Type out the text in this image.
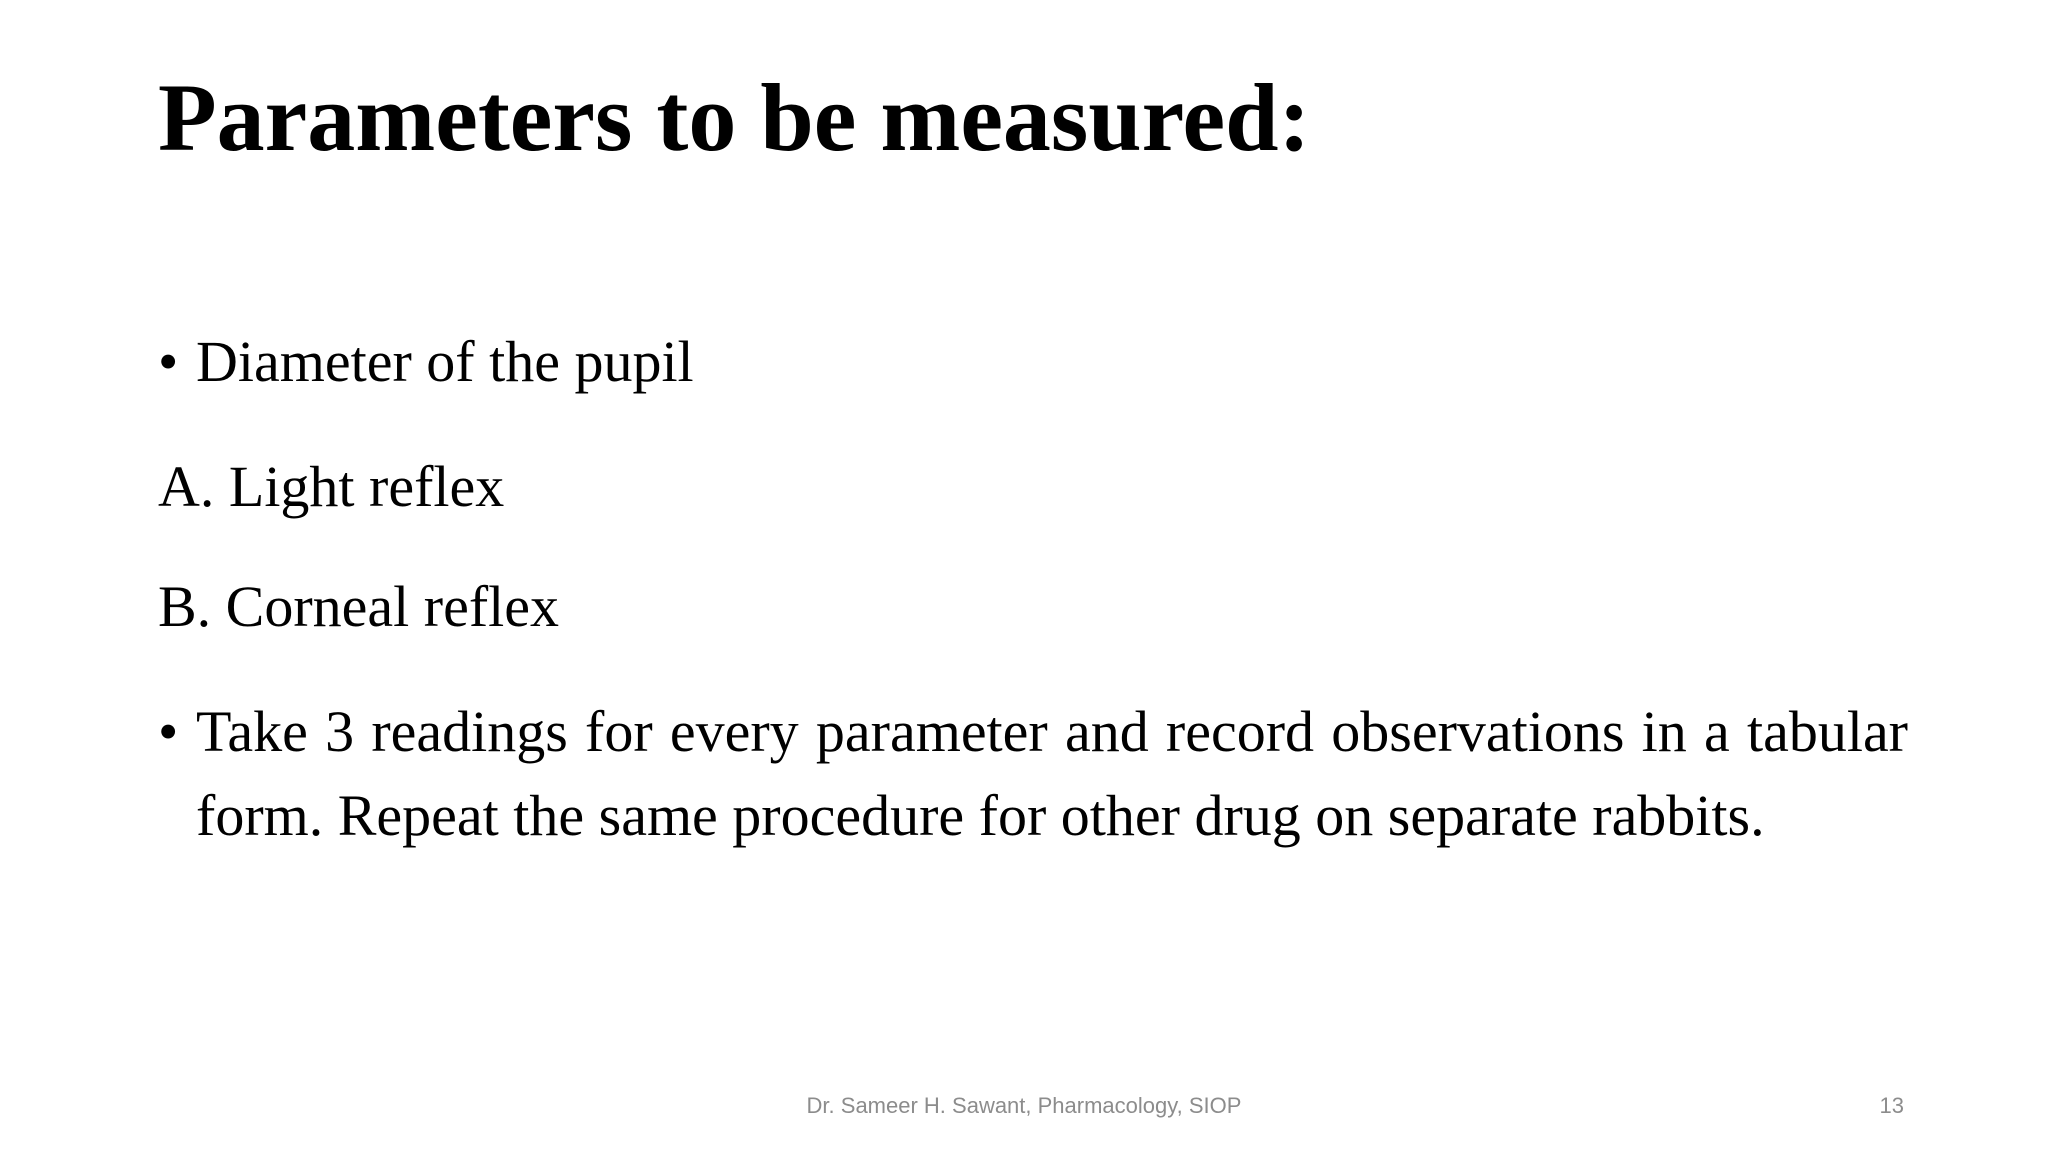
Parameters to be measured:
• Diameter of the pupil
A. Light reflex
B. Corneal reflex
• Take 3 readings for every parameter and record observations in a tabular form. Repeat the same procedure for other drug on separate rabbits.
Dr. Sameer H. Sawant, Pharmacology, SIOP	13
